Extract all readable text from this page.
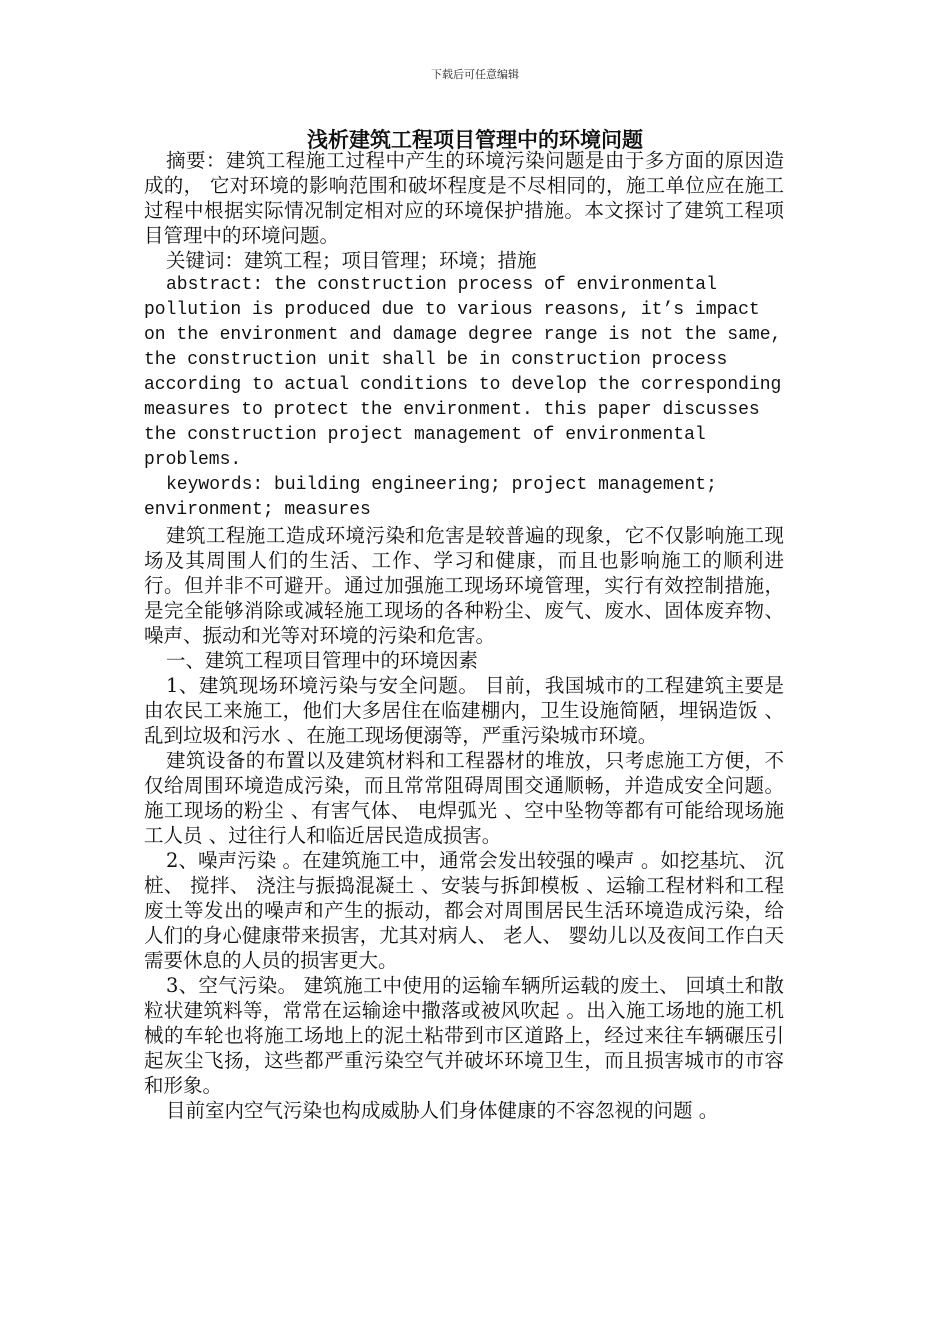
下载后可任意编辑
浅析建筑工程项目管理中的环境问题

摘要：建筑工程施工过程中产生的环境污染问题是由于多方面的原因造成的， 它对环境的影响范围和破坏程度是不尽相同的，施工单位应在施工过程中根据实际情况制定相对应的环境保护措施。本文探讨了建筑工程项目管理中的环境问题。

关键词：建筑工程；项目管理；环境；措施

abstract: the construction process of environmental pollution is produced due to various reasons, it’s impact on the environment and damage degree range is not the same, the construction unit shall be in construction process according to actual conditions to develop the corresponding measures to protect the environment. this paper discusses the construction project management of environmental problems.

keywords: building engineering; project management; environment; measures

建筑工程施工造成环境污染和危害是较普遍的现象，它不仅影响施工现场及其周围人们的生活、工作、学习和健康，而且也影响施工的顺利进行。但并非不可避开。通过加强施工现场环境管理，实行有效控制措施，是完全能够消除或减轻施工现场的各种粉尘、废气、废水、固体废弃物、噪声、振动和光等对环境的污染和危害。

一、建筑工程项目管理中的环境因素

1、建筑现场环境污染与安全问题。 目前，我国城市的工程建筑主要是由农民工来施工，他们大多居住在临建棚内，卫生设施简陋，埋锅造饭 、乱到垃圾和污水 、在施工现场便溺等，严重污染城市环境。

建筑设备的布置以及建筑材料和工程器材的堆放，只考虑施工方便，不仅给周围环境造成污染，而且常常阻碍周围交通顺畅，并造成安全问题。 施工现场的粉尘 、有害气体、 电焊弧光 、空中坠物等都有可能给现场施工人员 、过往行人和临近居民造成损害。

2、噪声污染 。在建筑施工中，通常会发出较强的噪声 。如挖基坑、 沉桩、 搅拌、 浇注与振捣混凝土 、安装与拆卸模板 、运输工程材料和工程废土等发出的噪声和产生的振动，都会对周围居民生活环境造成污染，给人们的身心健康带来损害，尤其对病人、 老人、 婴幼儿以及夜间工作白天需要休息的人员的损害更大。

3、空气污染。 建筑施工中使用的运输车辆所运载的废土、 回填土和散粒状建筑料等，常常在运输途中撒落或被风吹起 。出入施工场地的施工机械的车轮也将施工场地上的泥土粘带到市区道路上，经过来往车辆碾压引起灰尘飞扬，这些都严重污染空气并破坏环境卫生，而且损害城市的市容和形象。

目前室内空气污染也构成威胁人们身体健康的不容忽视的问题 。
